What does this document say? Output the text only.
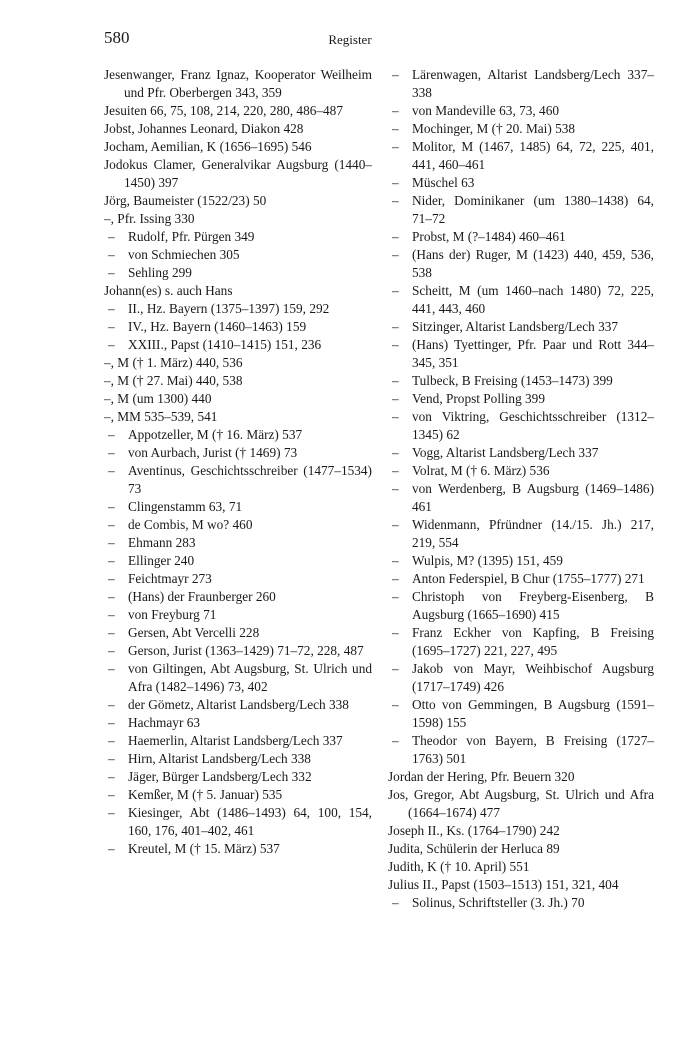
580	Register
Jesenwanger, Franz Ignaz, Kooperator Weilheim und Pfr. Oberbergen 343, 359
Jesuiten 66, 75, 108, 214, 220, 280, 486–487
Jobst, Johannes Leonard, Diakon 428
Jocham, Aemilian, K (1656–1695) 546
Jodokus Clamer, Generalvikar Augsburg (1440–1450) 397
Jörg, Baumeister (1522/23) 50
–, Pfr. Issing 330
– Rudolf, Pfr. Pürgen 349
– von Schmiechen 305
– Sehling 299
Johann(es) s. auch Hans
– II., Hz. Bayern (1375–1397) 159, 292
– IV., Hz. Bayern (1460–1463) 159
– XXIII., Papst (1410–1415) 151, 236
–, M († 1. März) 440, 536
–, M († 27. Mai) 440, 538
–, M (um 1300) 440
–, MM 535–539, 541
– Appotzeller, M († 16. März) 537
– von Aurbach, Jurist († 1469) 73
– Aventinus, Geschichtsschreiber (1477–1534) 73
– Clingenstamm 63, 71
– de Combis, M wo? 460
– Ehmann 283
– Ellinger 240
– Feichtmayr 273
– (Hans) der Fraunberger 260
– von Freyburg 71
– Gersen, Abt Vercelli 228
– Gerson, Jurist (1363–1429) 71–72, 228, 487
– von Giltingen, Abt Augsburg, St. Ulrich und Afra (1482–1496) 73, 402
– der Gömetz, Altarist Landsberg/Lech 338
– Hachmayr 63
– Haemerlin, Altarist Landsberg/Lech 337
– Hirn, Altarist Landsberg/Lech 338
– Jäger, Bürger Landsberg/Lech 332
– Kemßer, M († 5. Januar) 535
– Kiesinger, Abt (1486–1493) 64, 100, 154, 160, 176, 401–402, 461
– Kreutel, M († 15. März) 537
– Lärenwagen, Altarist Landsberg/Lech 337–338
– von Mandeville 63, 73, 460
– Mochinger, M († 20. Mai) 538
– Molitor, M (1467, 1485) 64, 72, 225, 401, 441, 460–461
– Müschel 63
– Nider, Dominikaner (um 1380–1438) 64, 71–72
– Probst, M (?–1484) 460–461
– (Hans der) Ruger, M (1423) 440, 459, 536, 538
– Scheitt, M (um 1460–nach 1480) 72, 225, 441, 443, 460
– Sitzinger, Altarist Landsberg/Lech 337
– (Hans) Tyettinger, Pfr. Paar und Rott 344–345, 351
– Tulbeck, B Freising (1453–1473) 399
– Vend, Propst Polling 399
– von Viktring, Geschichtsschreiber (1312–1345) 62
– Vogg, Altarist Landsberg/Lech 337
– Volrat, M († 6. März) 536
– von Werdenberg, B Augsburg (1469–1486) 461
– Widenmann, Pfründner (14./15. Jh.) 217, 219, 554
– Wulpis, M? (1395) 151, 459
– Anton Federspiel, B Chur (1755–1777) 271
– Christoph von Freyberg-Eisenberg, B Augsburg (1665–1690) 415
– Franz Eckher von Kapfing, B Freising (1695–1727) 221, 227, 495
– Jakob von Mayr, Weihbischof Augsburg (1717–1749) 426
– Otto von Gemmingen, B Augsburg (1591–1598) 155
– Theodor von Bayern, B Freising (1727–1763) 501
Jordan der Hering, Pfr. Beuern 320
Jos, Gregor, Abt Augsburg, St. Ulrich und Afra (1664–1674) 477
Joseph II., Ks. (1764–1790) 242
Judita, Schülerin der Herluca 89
Judith, K († 10. April) 551
Julius II., Papst (1503–1513) 151, 321, 404
– Solinus, Schriftsteller (3. Jh.) 70
